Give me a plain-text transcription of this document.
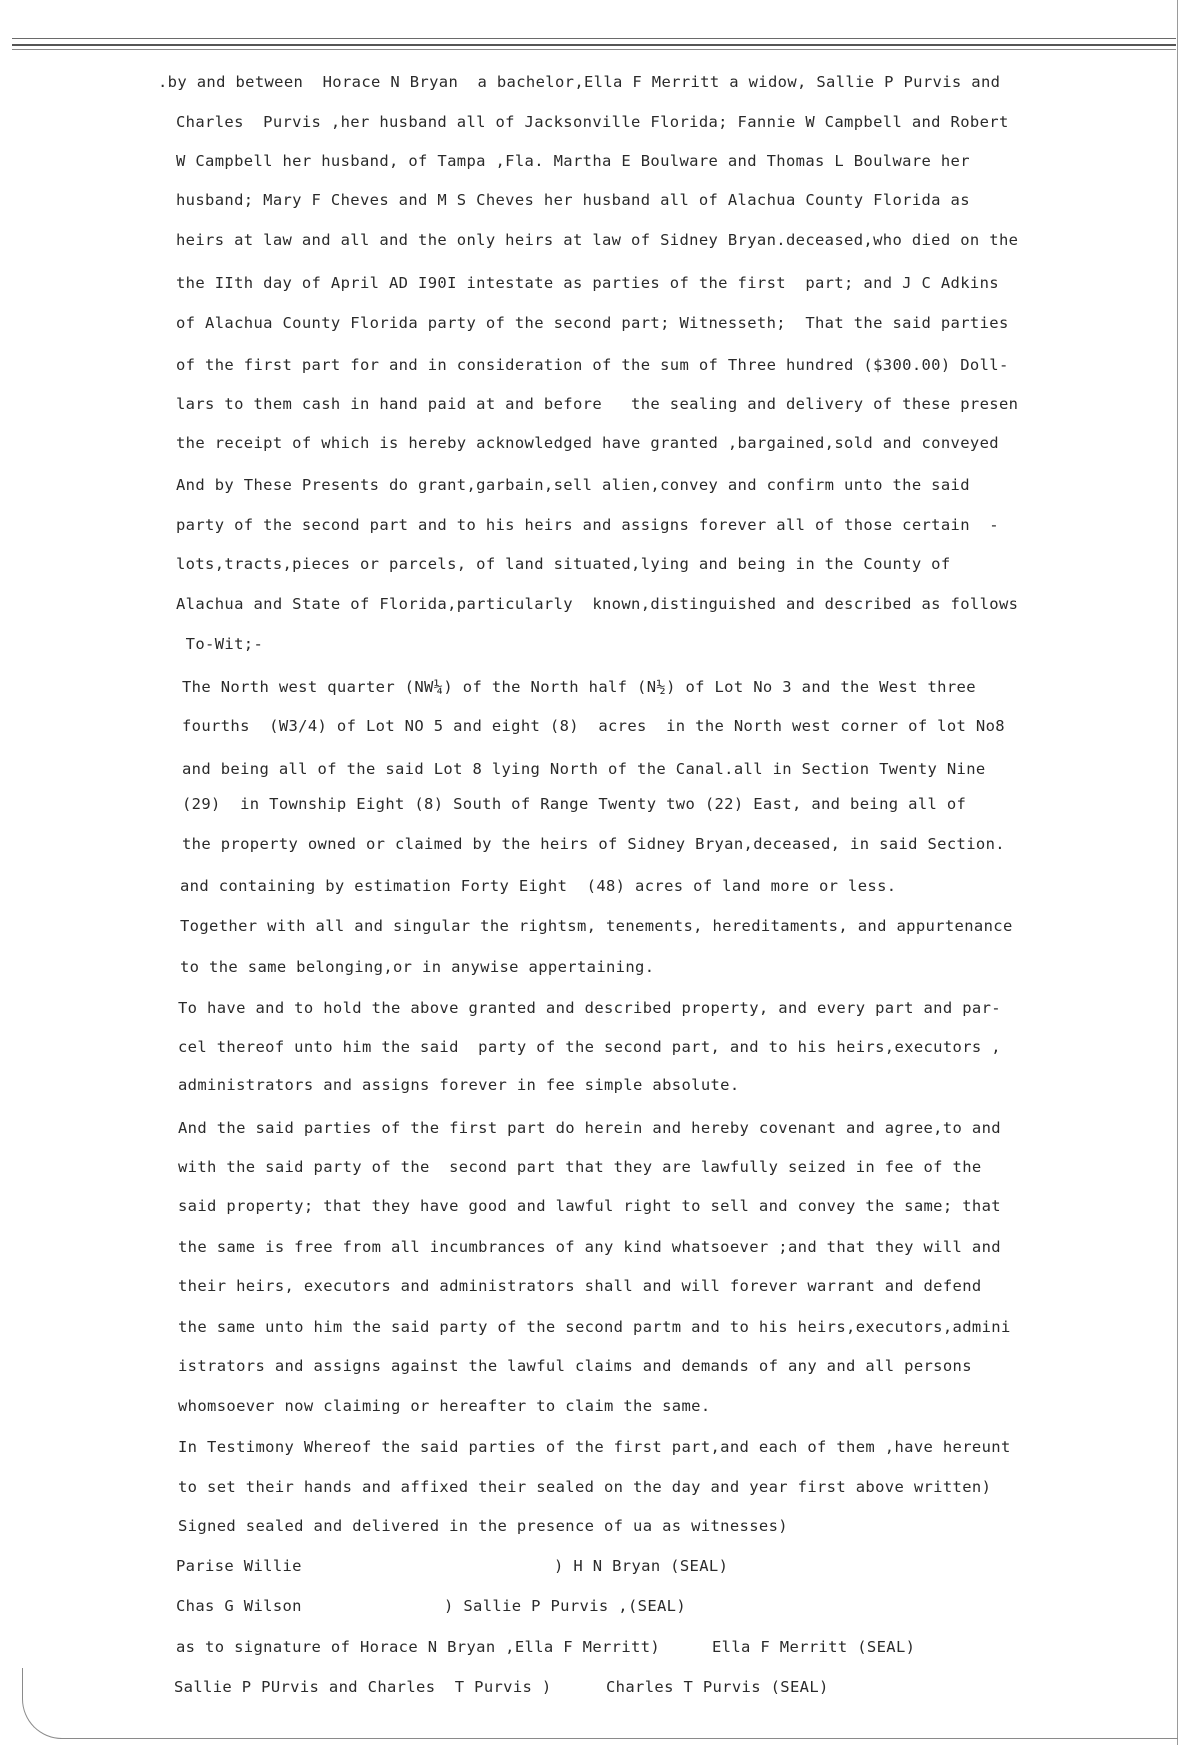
.by and between  Horace N Bryan  a bachelor,Ella F Merritt a widow, Sallie P Purvis and
Charles  Purvis ,her husband all of Jacksonville Florida; Fannie W Campbell and Robert
W Campbell her husband, of Tampa ,Fla. Martha E Boulware and Thomas L Boulware her
husband; Mary F Cheves and M S Cheves her husband all of Alachua County Florida as
heirs at law and all and the only heirs at law of Sidney Bryan.deceased,who died on the
the IIth day of April AD I90I intestate as parties of the first  part; and J C Adkins
of Alachua County Florida party of the second part; Witnesseth;  That the said parties
of the first part for and in consideration of the sum of Three hundred ($300.00) Doll-
lars to them cash in hand paid at and before   the sealing and delivery of these presen
the receipt of which is hereby acknowledged have granted ,bargained,sold and conveyed
And by These Presents do grant,garbain,sell alien,convey and confirm unto the said
party of the second part and to his heirs and assigns forever all of those certain  -
lots,tracts,pieces or parcels, of land situated,lying and being in the County of
Alachua and State of Florida,particularly  known,distinguished and described as follows
To-Wit;-
The North west quarter (NW¼) of the North half (N½) of Lot No 3 and the West three
fourths  (W3/4) of Lot NO 5 and eight (8)  acres  in the North west corner of lot No8
and being all of the said Lot 8 lying North of the Canal.all in Section Twenty Nine
(29)  in Township Eight (8) South of Range Twenty two (22) East, and being all of
the property owned or claimed by the heirs of Sidney Bryan,deceased, in said Section.
and containing by estimation Forty Eight  (48) acres of land more or less.
Together with all and singular the rightsm, tenements, hereditaments, and appurtenance
to the same belonging,or in anywise appertaining.
To have and to hold the above granted and described property, and every part and par-
cel thereof unto him the said  party of the second part, and to his heirs,executors ,
administrators and assigns forever in fee simple absolute.
And the said parties of the first part do herein and hereby covenant and agree,to and
with the said party of the  second part that they are lawfully seized in fee of the
said property; that they have good and lawful right to sell and convey the same; that
the same is free from all incumbrances of any kind whatsoever ;and that they will and
their heirs, executors and administrators shall and will forever warrant and defend
the same unto him the said party of the second partm and to his heirs,executors,admini
istrators and assigns against the lawful claims and demands of any and all persons
whomsoever now claiming or hereafter to claim the same.
In Testimony Whereof the said parties of the first part,and each of them ,have hereunt
to set their hands and affixed their sealed on the day and year first above written)
Signed sealed and delivered in the presence of ua as witnesses)
Parise Willie	) H N Bryan (SEAL)
Chas G Wilson	) Sallie P Purvis ,(SEAL)
as to signature of Horace N Bryan ,Ella F Merritt)	Ella F Merritt (SEAL)
Sallie P PUrvis and Charles  T Purvis )	Charles T Purvis (SEAL)
